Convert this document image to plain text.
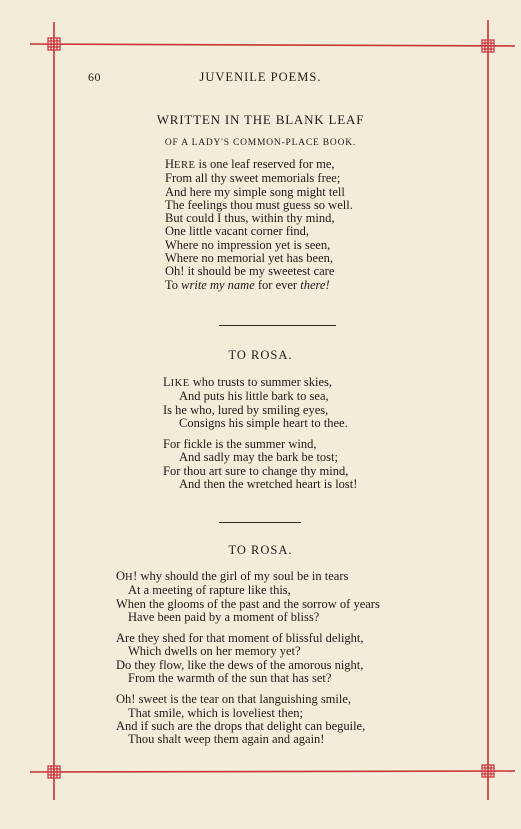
60	JUVENILE POEMS.
WRITTEN IN THE BLANK LEAF
OF A LADY'S COMMON-PLACE BOOK.
HERE is one leaf reserved for me,
From all thy sweet memorials free;
And here my simple song might tell
The feelings thou must guess so well.
But could I thus, within thy mind,
One little vacant corner find,
Where no impression yet is seen,
Where no memorial yet has been,
Oh! it should be my sweetest care
To write my name for ever there!
TO ROSA.
LIKE who trusts to summer skies,
And puts his little bark to sea,
Is he who, lured by smiling eyes,
Consigns his simple heart to thee.
For fickle is the summer wind,
And sadly may the bark be tost;
For thou art sure to change thy mind,
And then the wretched heart is lost!
TO ROSA.
OH! why should the girl of my soul be in tears
At a meeting of rapture like this,
When the glooms of the past and the sorrow of years
Have been paid by a moment of bliss?
Are they shed for that moment of blissful delight,
Which dwells on her memory yet?
Do they flow, like the dews of the amorous night,
From the warmth of the sun that has set?
Oh! sweet is the tear on that languishing smile,
That smile, which is loveliest then;
And if such are the drops that delight can beguile,
Thou shalt weep them again and again!
